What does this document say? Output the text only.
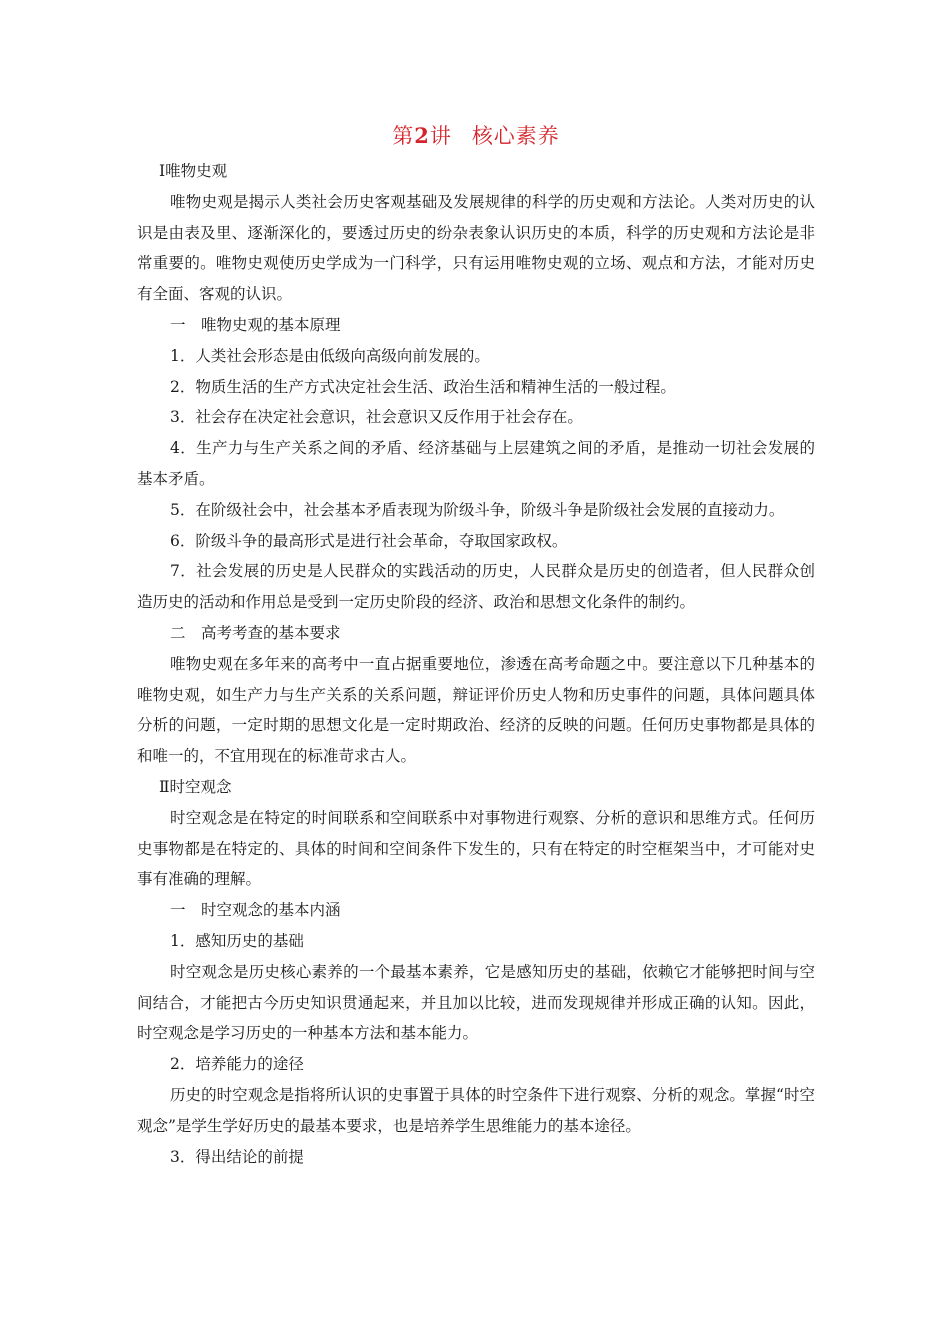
第2讲 核心素养

Ⅰ唯物史观

唯物史观是揭示人类社会历史客观基础及发展规律的科学的历史观和方法论。人类对历史的认识是由表及里、逐渐深化的，要透过历史的纷杂表象认识历史的本质，科学的历史观和方法论是非常重要的。唯物史观使历史学成为一门科学，只有运用唯物史观的立场、观点和方法，才能对历史有全面、客观的认识。

一　唯物史观的基本原理

1．人类社会形态是由低级向高级向前发展的。

2．物质生活的生产方式决定社会生活、政治生活和精神生活的一般过程。

3．社会存在决定社会意识，社会意识又反作用于社会存在。

4．生产力与生产关系之间的矛盾、经济基础与上层建筑之间的矛盾，是推动一切社会发展的基本矛盾。

5．在阶级社会中，社会基本矛盾表现为阶级斗争，阶级斗争是阶级社会发展的直接动力。

6．阶级斗争的最高形式是进行社会革命，夺取国家政权。

7．社会发展的历史是人民群众的实践活动的历史，人民群众是历史的创造者，但人民群众创造历史的活动和作用总是受到一定历史阶段的经济、政治和思想文化条件的制约。

二　高考考查的基本要求

唯物史观在多年来的高考中一直占据重要地位，渗透在高考命题之中。要注意以下几种基本的唯物史观，如生产力与生产关系的关系问题，辩证评价历史人物和历史事件的问题，具体问题具体分析的问题，一定时期的思想文化是一定时期政治、经济的反映的问题。任何历史事物都是具体的和唯一的，不宜用现在的标准苛求古人。

Ⅱ时空观念

时空观念是在特定的时间联系和空间联系中对事物进行观察、分析的意识和思维方式。任何历史事物都是在特定的、具体的时间和空间条件下发生的，只有在特定的时空框架当中，才可能对史事有准确的理解。

一　时空观念的基本内涵

1．感知历史的基础

时空观念是历史核心素养的一个最基本素养，它是感知历史的基础，依赖它才能够把时间与空间结合，才能把古今历史知识贯通起来，并且加以比较，进而发现规律并形成正确的认知。因此，时空观念是学习历史的一种基本方法和基本能力。

2．培养能力的途径

历史的时空观念是指将所认识的史事置于具体的时空条件下进行观察、分析的观念。掌握“时空观念”是学生学好历史的最基本要求，也是培养学生思维能力的基本途径。

3．得出结论的前提
